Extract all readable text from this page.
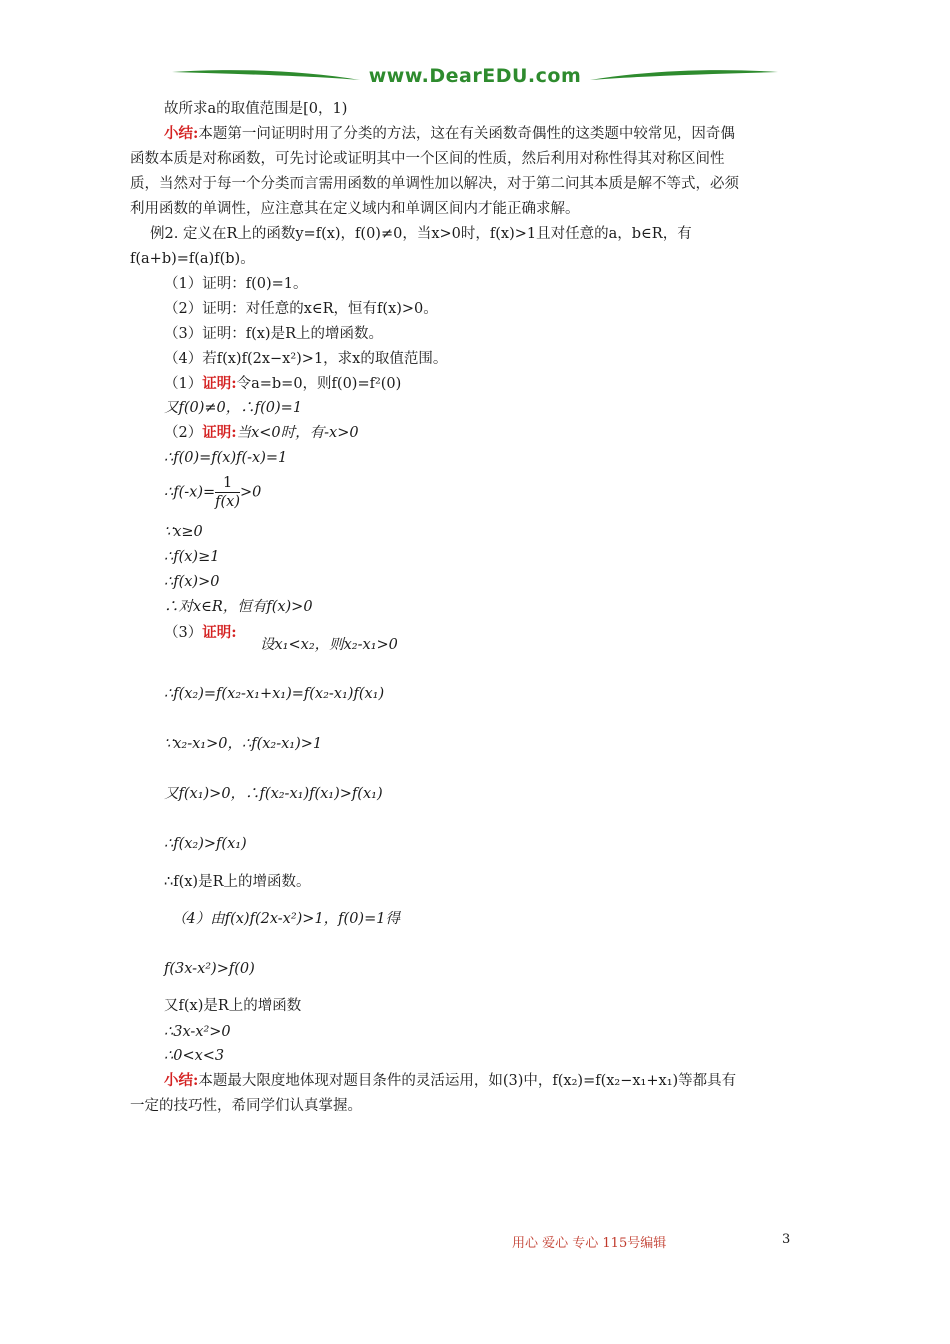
www.DearEDU.com
故所求a的取值范围是[0，1)
小结:本题第一问证明时用了分类的方法，这在有关函数奇偶性的这类题中较常见，因奇偶
函数本质是对称函数，可先讨论或证明其中一个区间的性质，然后利用对称性得其对称区间性
质，当然对于每一个分类而言需用函数的单调性加以解决，对于第二问其本质是解不等式，必须
利用函数的单调性，应注意其在定义域内和单调区间内才能正确求解。
例2. 定义在R上的函数y=f(x)，f(0)≠0，当x>0时，f(x)>1且对任意的a，b∈R，有
f(a+b)=f(a)f(b)。
（1）证明：f(0)=1。
（2）证明：对任意的x∈R，恒有f(x)>0。
（3）证明：f(x)是R上的增函数。
（4）若f(x)f(2x−x²)>1，求x的取值范围。
（1）证明:令a=b=0，则f(0)=f²(0)
又f(0)≠0，∴f(0)=1
（2）证明:当x<0时，有-x>0
∴f(0)=f(x)f(-x)=1
∴f(-x)= $\frac{1}{f(x)} >0$
∵x≥0
∴f(x)≥1
∴f(x)>0
∴对x∈R，恒有f(x)>0
（3）证明:
设x₁<x₂，则x₂-x₁>0
∴f(x₂)=f(x₂-x₁+x₁)=f(x₂-x₁)f(x₁)
∵x₂-x₁>0，∴f(x₂-x₁)>1
又f(x₁)>0，∴f(x₂-x₁)f(x₁)>f(x₁)
∴f(x₂)>f(x₁)
∴f(x)是R上的增函数。
（4）由f(x)f(2x-x²)>1，f(0)=1得
f(3x-x²)>f(0)
又f(x)是R上的增函数
∴3x-x²>0
∴0<x<3
小结:本题最大限度地体现对题目条件的灵活运用，如(3)中，f(x₂)=f(x₂−x₁+x₁)等都具有
一定的技巧性，希同学们认真掌握。
用心 爱心 专心 115号编辑	3
